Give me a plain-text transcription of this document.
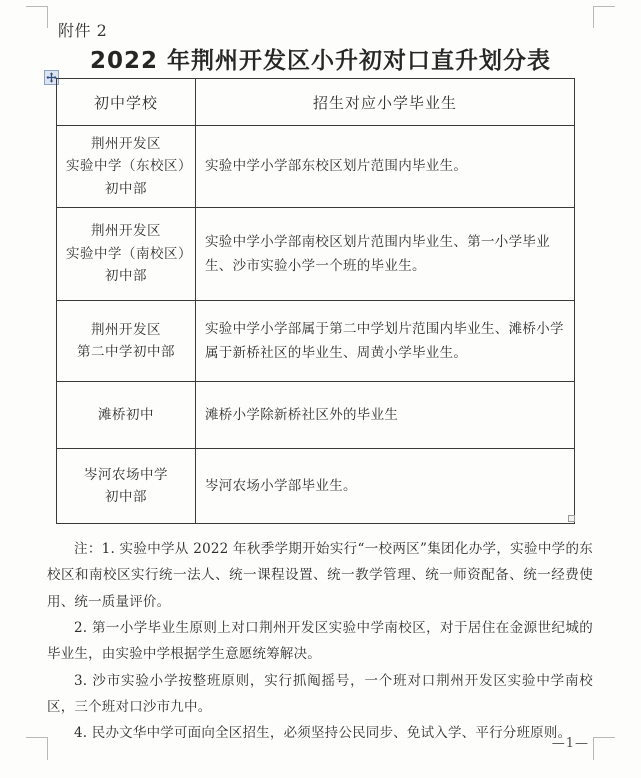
附件 2
2022 年荆州开发区小升初对口直升划分表
初中学校	招生对应小学毕业生

荆州开发区
实验中学（东校区）
初中部	实验中学小学部东校区划片范围内毕业生。

荆州开发区
实验中学（南校区）
初中部	实验中学小学部南校区划片范围内毕业生、第一小学毕业生、沙市实验小学一个班的毕业生。

荆州开发区
第二中学初中部	实验中学小学部属于第二中学划片范围内毕业生、滩桥小学属于新桥社区的毕业生、周黄小学毕业生。

滩桥初中	滩桥小学除新桥社区外的毕业生

岑河农场中学
初中部	岑河农场小学部毕业生。

注：1. 实验中学从 2022 年秋季学期开始实行“一校两区”集团化办学，实验中学的东校区和南校区实行统一法人、统一课程设置、统一教学管理、统一师资配备、统一经费使用、统一质量评价。

2. 第一小学毕业生原则上对口荆州开发区实验中学南校区，对于居住在金源世纪城的毕业生，由实验中学根据学生意愿统筹解决。

3. 沙市实验小学按整班原则，实行抓阄摇号，一个班对口荆州开发区实验中学南校区，三个班对口沙市九中。

4. 民办文华中学可面向全区招生，必须坚持公民同步、免试入学、平行分班原则。

—1—
